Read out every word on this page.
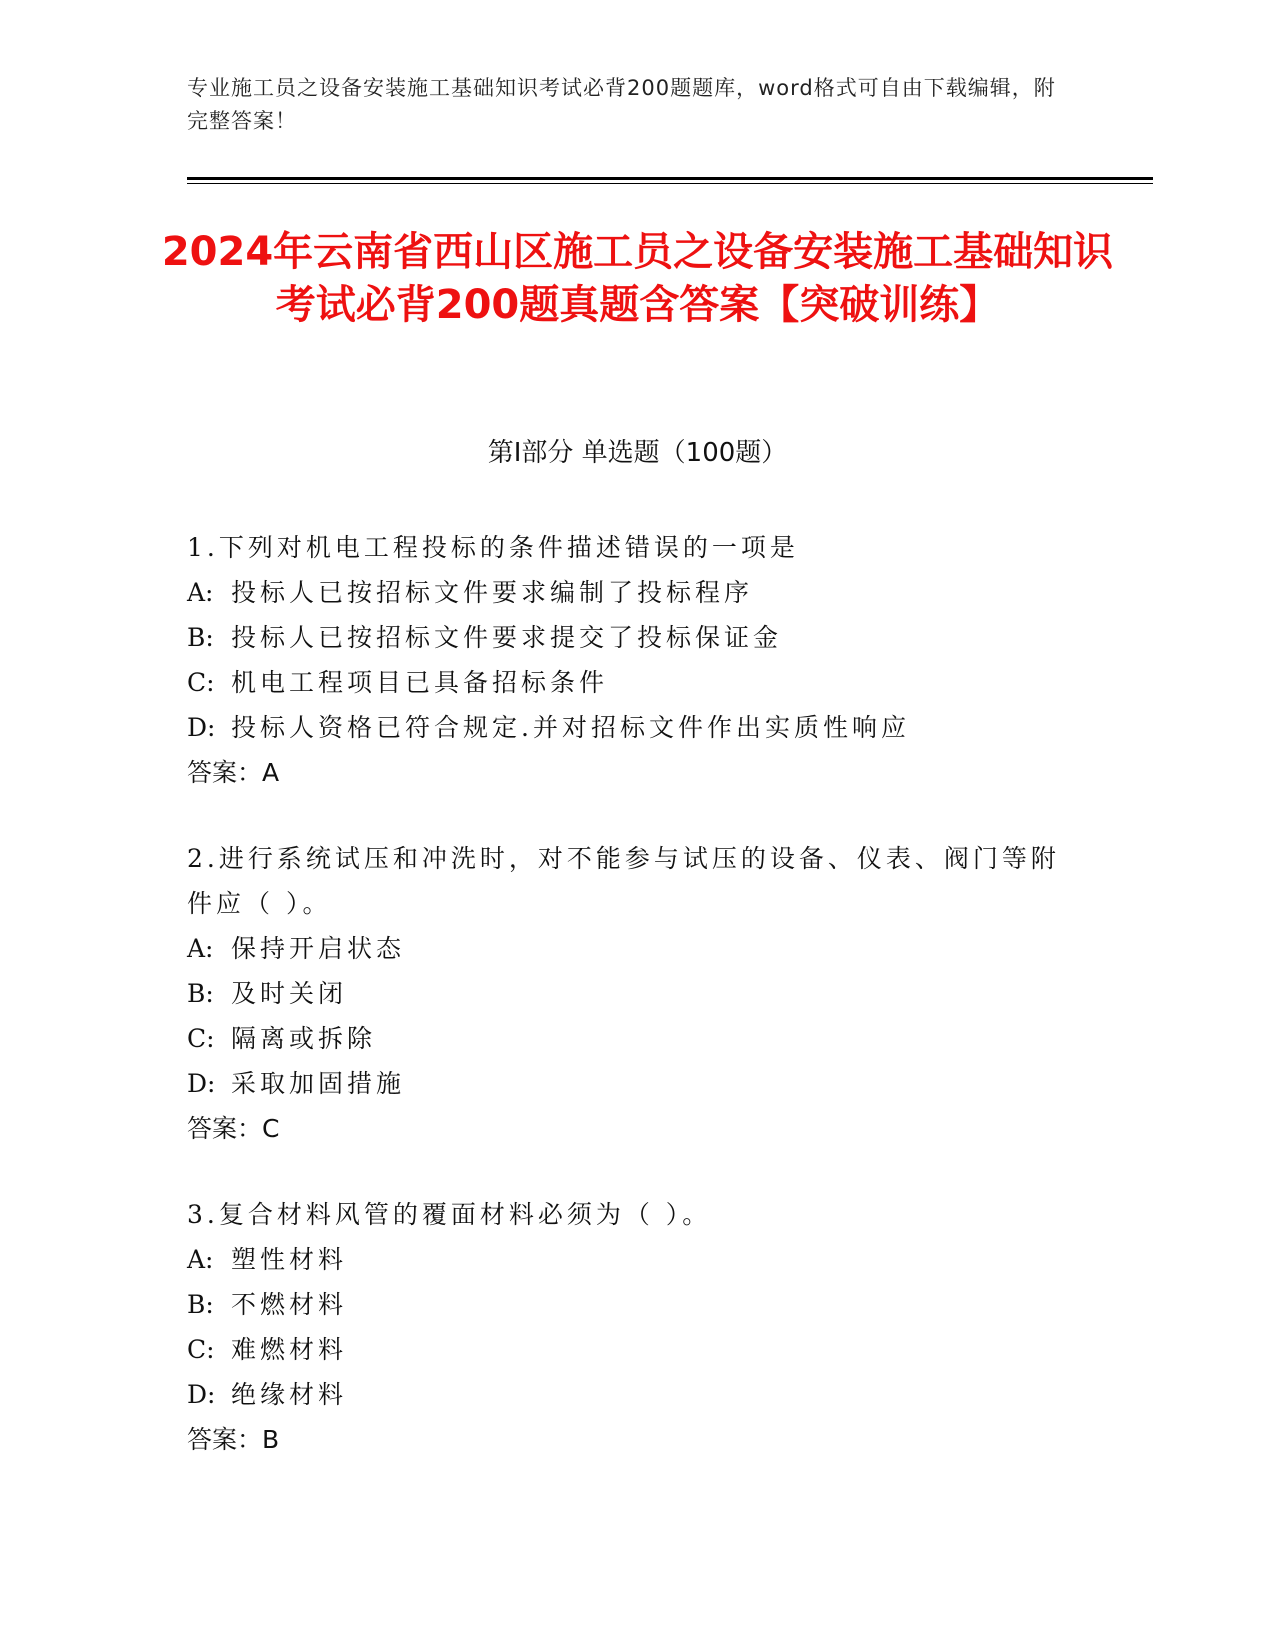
专业施工员之设备安装施工基础知识考试必背200题题库，word格式可自由下载编辑，附完整答案！
2024年云南省西山区施工员之设备安装施工基础知识考试必背200题真题含答案【突破训练】
第I部分 单选题（100题）
1.下列对机电工程投标的条件描述错误的一项是
A: 投标人已按招标文件要求编制了投标程序
B: 投标人已按招标文件要求提交了投标保证金
C: 机电工程项目已具备招标条件
D: 投标人资格已符合规定.并对招标文件作出实质性响应
答案：A
2.进行系统试压和冲洗时，对不能参与试压的设备、仪表、阀门等附件应（ ）。
A: 保持开启状态
B: 及时关闭
C: 隔离或拆除
D: 采取加固措施
答案：C
3.复合材料风管的覆面材料必须为（ ）。
A: 塑性材料
B: 不燃材料
C: 难燃材料
D: 绝缘材料
答案：B
